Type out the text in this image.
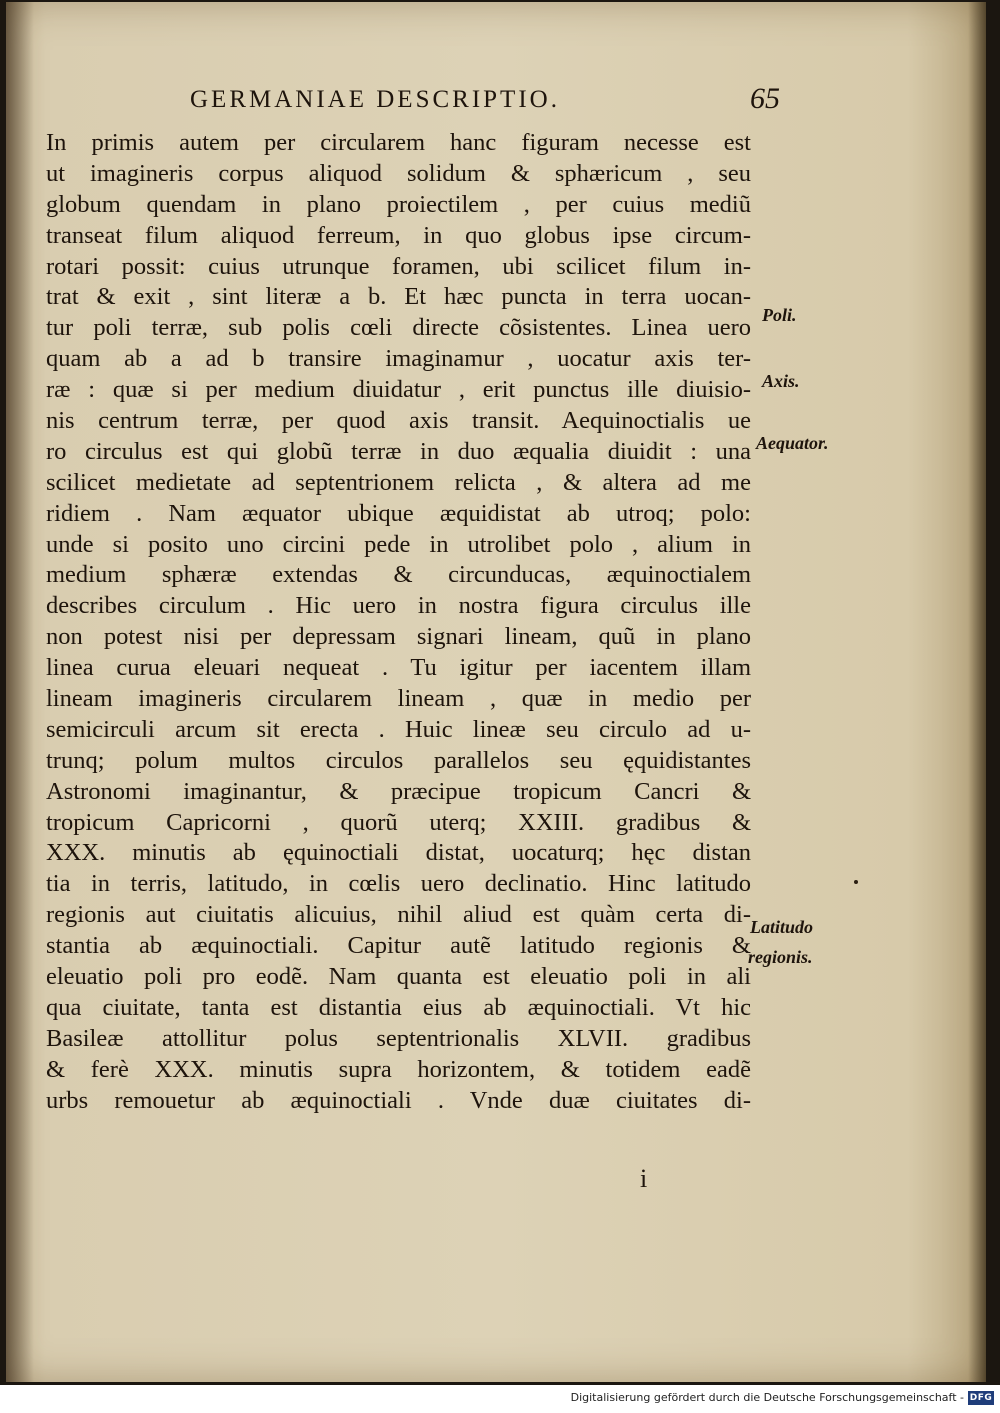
GERMANIAE DESCRIPTIO.	65
In primis autem per circularem hanc figuram necesse est
ut imagineris corpus aliquod solidum & sphæricum , seu
globum quendam in plano proiectilem , per cuius mediũ
transeat filum aliquod ferreum, in quo globus ipse circum-
rotari possit: cuius utrunque foramen, ubi scilicet filum in-
trat & exit , sint literæ a b. Et hæc puncta in terra uocan-
tur poli terræ, sub polis cœli directe cõsistentes. Linea uero
quam ab a ad b transire imaginamur , uocatur axis ter-
ræ : quæ si per medium diuidatur , erit punctus ille diuisio-
nis centrum terræ, per quod axis transit. Aequinoctialis ue
ro circulus est qui globũ terræ in duo æqualia diuidit : una
scilicet medietate ad septentrionem relicta , & altera ad me
ridiem . Nam æquator ubique æquidistat ab utroq; polo:
unde si posito uno circini pede in utrolibet polo , alium in
medium sphæræ extendas & circunducas, æquinoctialem
describes circulum . Hic uero in nostra figura circulus ille
non potest nisi per depressam signari lineam, quũ in plano
linea curua eleuari nequeat . Tu igitur per iacentem illam
lineam imagineris circularem lineam , quæ in medio per
semicirculi arcum sit erecta . Huic lineæ seu circulo ad u-
trunq; polum multos circulos parallelos seu ęquidistantes
Astronomi imaginantur, & præcipue tropicum Cancri &
tropicum Capricorni , quorũ uterq; XXIII. gradibus &
XXX. minutis ab ęquinoctiali distat, uocaturq; hęc distan
tia in terris, latitudo, in cœlis uero declinatio. Hinc latitudo
regionis aut ciuitatis alicuius, nihil aliud est quàm certa di-
stantia ab æquinoctiali. Capitur autẽ latitudo regionis &
eleuatio poli pro eodẽ. Nam quanta est eleuatio poli in ali
qua ciuitate, tanta est distantia eius ab æquinoctiali. Vt hic
Basileæ attollitur polus septentrionalis XLVII. gradibus
& ferè XXX. minutis supra horizontem, & totidem eadẽ
urbs remouetur ab æquinoctiali . Vnde duæ ciuitates di-
Poli.
Axis.
Aequator.
Latitudo
regionis.
i
Digitalisierung gefördert durch die Deutsche Forschungsgemeinschaft - DFG
